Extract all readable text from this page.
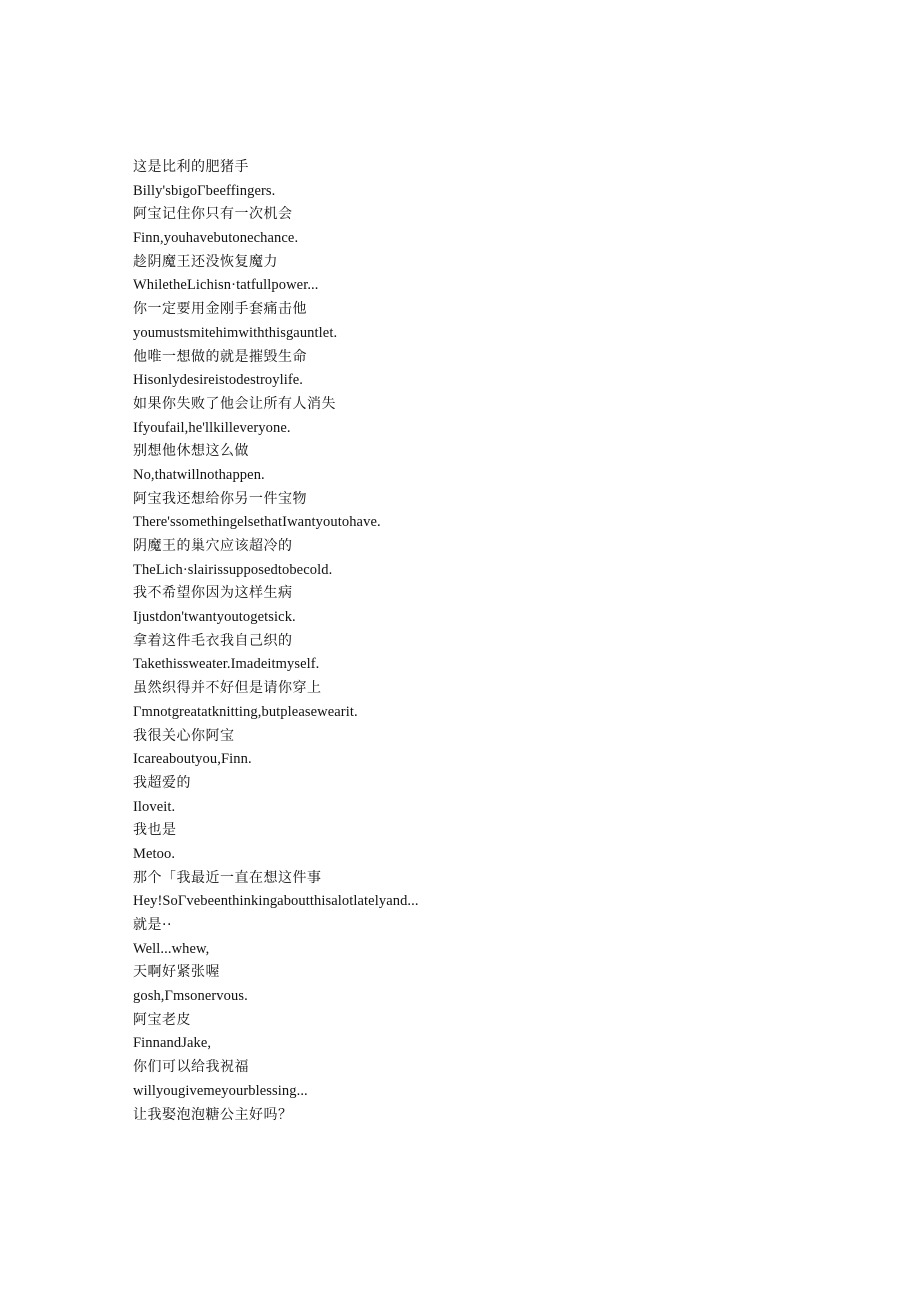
这是比利的肥猪手
Billy'sbigoΓbeeffingers.
阿宝记住你只有一次机会
Finn,youhavebutonechance.
趁阴魔王还没恢复魔力
WhiletheLichisn·tatfullpower...
你一定要用金刚手套痛击他
youmustsmitehimwiththisgauntlet.
他唯一想做的就是摧毁生命
Hisonlydesireistodestroylife.
如果你失败了他会让所有人消失
Ifyoufail,he'llkilleveryone.
别想他休想这么做
No,thatwillnothappen.
阿宝我还想给你另一件宝物
There'ssomethingelsethatIwantyoutohave.
阴魔王的巢穴应该超冷的
TheLich·slairissupposedtobecold.
我不希望你因为这样生病
Ijustdon'twantyoutogetsick.
拿着这件毛衣我自己织的
Takethissweater.Imadeitmyself.
虽然织得并不好但是请你穿上
Γmnotgreatatknitting,butpleasewearit.
我很关心你阿宝
Icareaboutyou,Finn.
我超爱的
Iloveit.
我也是
Metoo.
那个「我最近一直在想这件事
Hey!SoΓvebeenthinkingaboutthisalotlatelyand...
就是··
Well...whew,
天啊好紧张喔
gosh,Γmsonervous.
阿宝老皮
FinnandJake,
你们可以给我祝福
willyougivemeyourblessing...
让我娶泡泡糖公主好吗？
